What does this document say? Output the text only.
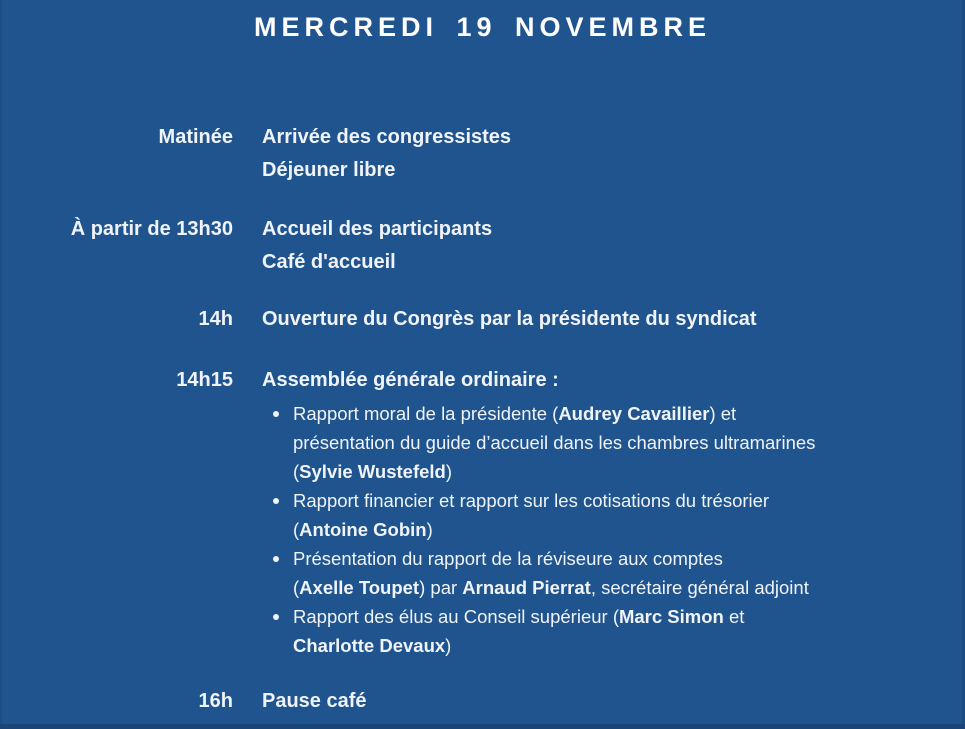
MERCREDI 19 NOVEMBRE
Matinée Arrivée des congressistes
Déjeuner libre
À partir de 13h30 Accueil des participants
Café d'accueil
14h Ouverture du Congrès par la présidente du syndicat
14h15 Assemblée générale ordinaire :
Rapport moral de la présidente (Audrey Cavaillier) et
présentation du guide d’accueil dans les chambres ultramarines
(Sylvie Wustefeld)
Rapport financier et rapport sur les cotisations du trésorier
(Antoine Gobin)
Présentation du rapport de la réviseure aux comptes
(Axelle Toupet) par Arnaud Pierrat, secrétaire général adjoint
Rapport des élus au Conseil supérieur (Marc Simon et
Charlotte Devaux)
16h Pause café
